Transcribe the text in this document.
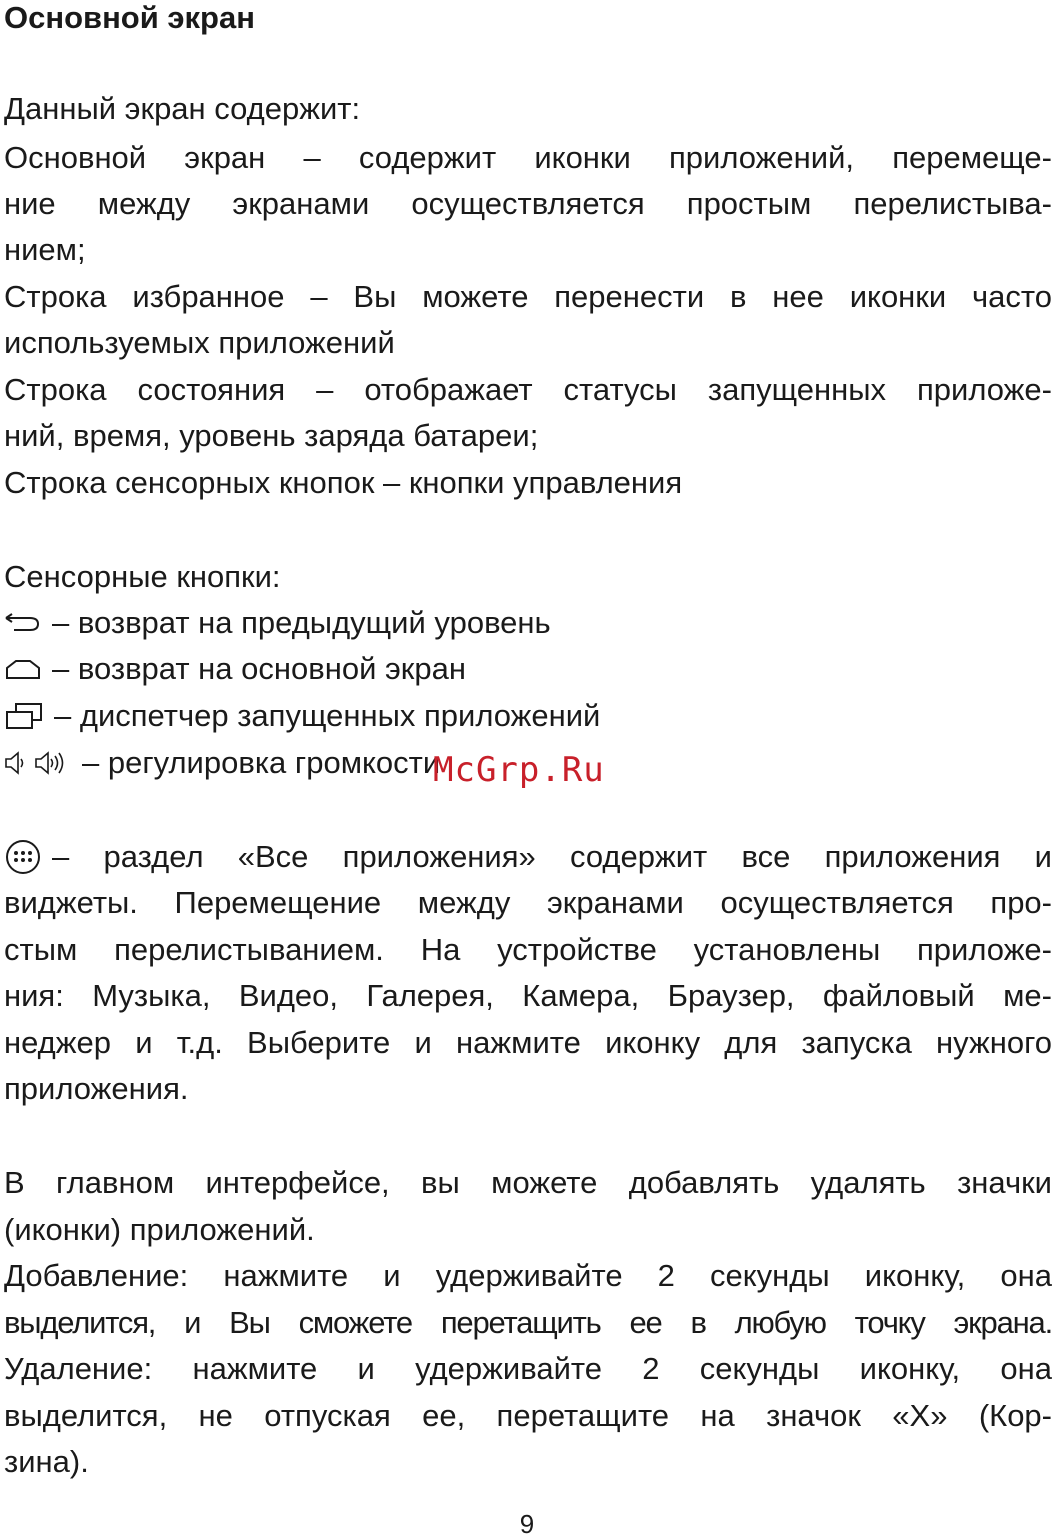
Основной экран
Данный экран содержит:
Основной экран – содержит иконки приложений, перемеще-
ние между экранами осуществляется простым перелистыва-
нием;
Строка избранное – Вы можете перенести в нее иконки часто
используемых приложений
Строка состояния – отображает статусы запущенных приложе-
ний, время, уровень заряда батареи;
Строка сенсорных кнопок – кнопки управления
Сенсорные кнопки:
– возврат на предыдущий уровень
– возврат на основной экран
– диспетчер запущенных приложений
– регулировка громкости
– раздел «Все приложения» содержит все приложения и
виджеты. Перемещение между экранами осуществляется про-
стым перелистыванием. На устройстве установлены приложе-
ния: Музыка, Видео, Галерея, Камера, Браузер, файловый ме-
неджер и т.д. Выберите и нажмите иконку для запуска нужного
приложения.
В главном интерфейсе, вы можете добавлять удалять значки
(иконки) приложений.
Добавление: нажмите и удерживайте 2 секунды иконку, она
выделится, и Вы сможете перетащить ее в любую точку экрана.
Удаление: нажмите и удерживайте 2 секунды иконку, она
выделится, не отпуская ее, перетащите на значок «X» (Кор-
зина).
McGrp.Ru
9
